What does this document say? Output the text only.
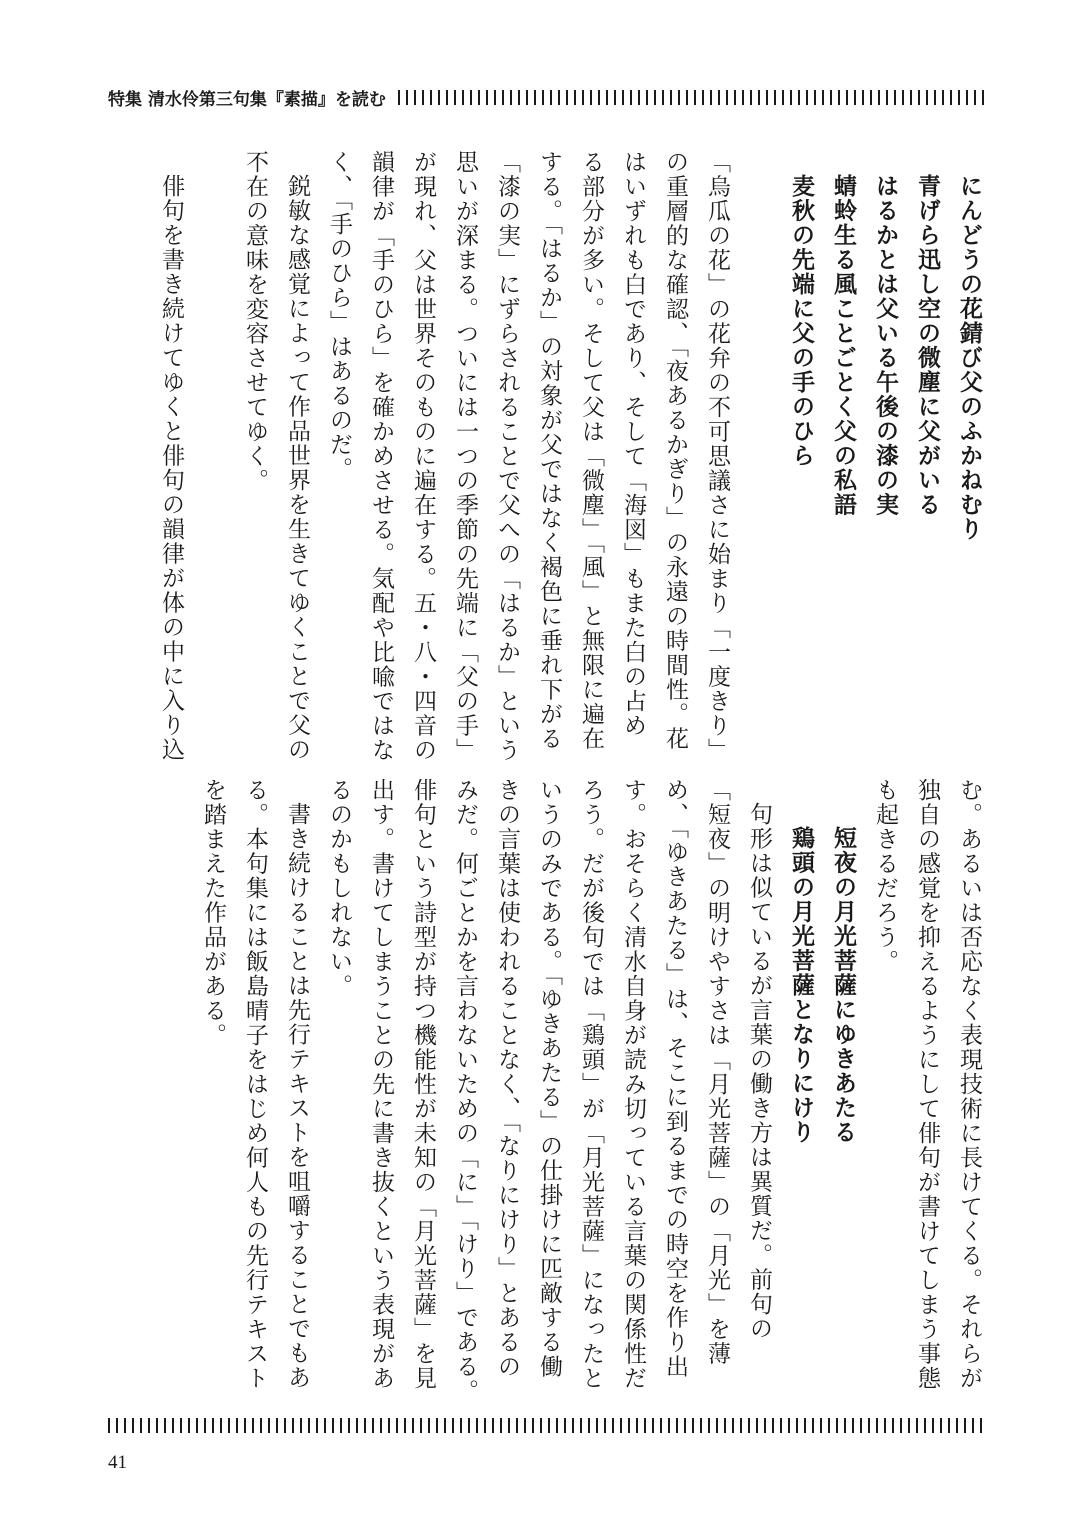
特集 清水伶第三句集『素描』を読む
にんどうの花錆び父のふかねむり
青げら迅し空の微塵に父がいる
はるかとは父いる午後の漆の実
蜻蛉生る風ことごとく父の私語
麦秋の先端に父の手のひら
「烏瓜の花」の花弁の不可思議さに始まり「一度きり」
の重層的な確認、「夜あるかぎり」の永遠の時間性。花
はいずれも白であり、そして「海図」もまた白の占め
る部分が多い。そして父は「微塵」「風」と無限に遍在
する。「はるか」の対象が父ではなく褐色に垂れ下がる
「漆の実」にずらされることで父への「はるか」という
思いが深まる。ついには一つの季節の先端に「父の手」
が現れ、父は世界そのものに遍在する。五・八・四音の
韻律が「手のひら」を確かめさせる。気配や比喩ではな
く、「手のひら」はあるのだ。
鋭敏な感覚によって作品世界を生きてゆくことで父の
不在の意味を変容させてゆく。
俳句を書き続けてゆくと俳句の韻律が体の中に入り込
む。あるいは否応なく表現技術に長けてくる。それらが
独自の感覚を抑えるようにして俳句が書けてしまう事態
も起きるだろう。
短夜の月光菩薩にゆきあたる
鶏頭の月光菩薩となりにけり
句形は似ているが言葉の働き方は異質だ。前句の
「短夜」の明けやすさは「月光菩薩」の「月光」を薄
め、「ゆきあたる」は、そこに到るまでの時空を作り出
す。おそらく清水自身が読み切っている言葉の関係性だ
ろう。だが後句では「鶏頭」が「月光菩薩」になったと
いうのみである。「ゆきあたる」の仕掛けに匹敵する働
きの言葉は使われることなく、「なりにけり」とあるの
みだ。何ごとかを言わないための「に」「けり」である。
俳句という詩型が持つ機能性が未知の「月光菩薩」を見
出す。書けてしまうことの先に書き抜くという表現があ
るのかもしれない。
書き続けることは先行テキストを咀嚼することでもあ
る。本句集には飯島晴子をはじめ何人もの先行テキスト
を踏まえた作品がある。
41
